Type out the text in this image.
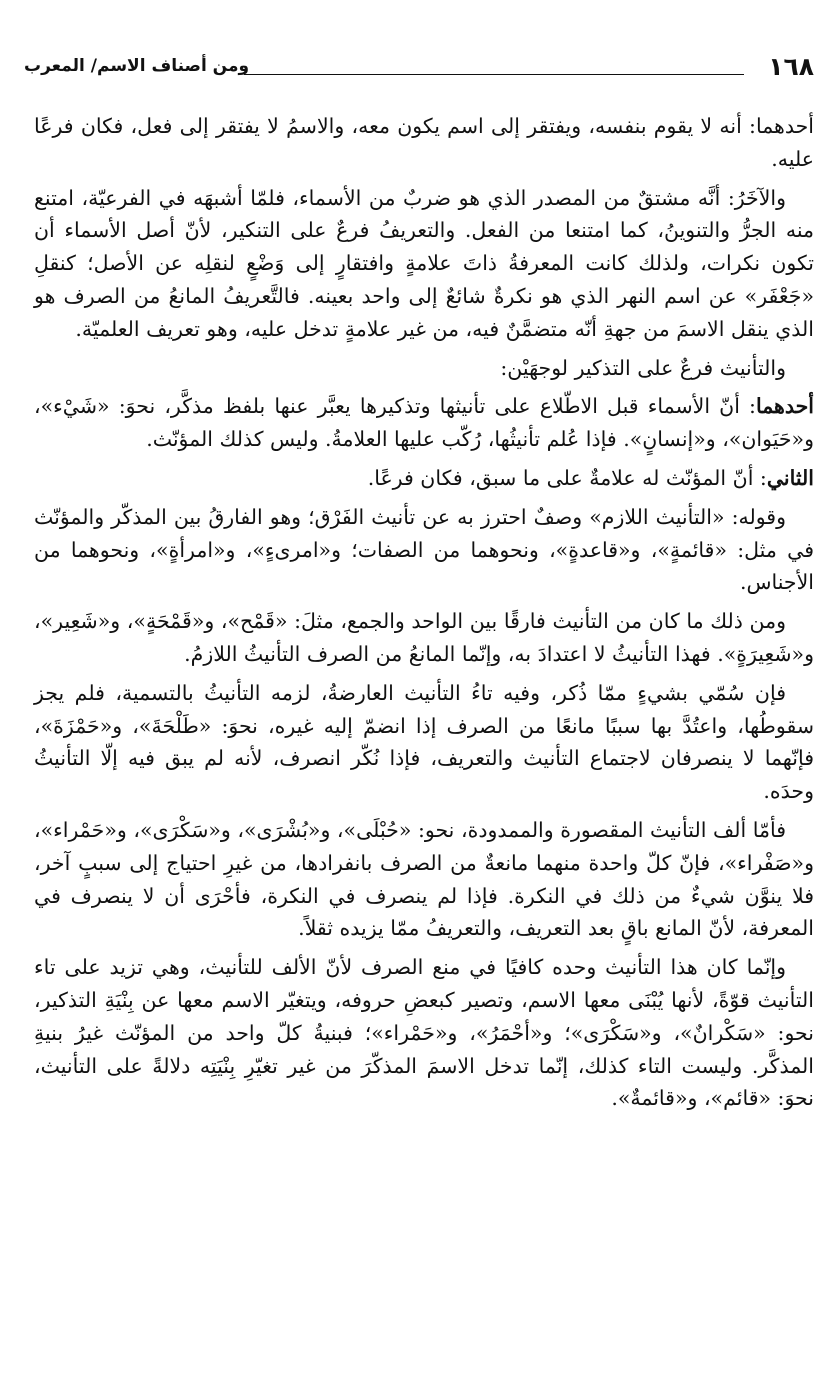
١٦٨
ومن أصناف الاسم/ المعرب

أحدهما: أنه لا يقوم بنفسه، ويفتقر إلى اسم يكون معه، والاسمُ لا يفتقر إلى فعل، فكان فرعًا عليه.

والآخَرُ: أنَّه مشتقٌ من المصدر الذي هو ضربٌ من الأسماء، فلمّا أشبهَه في الفرعيّة، امتنع منه الجرُّ والتنوينُ، كما امتنعا من الفعل. والتعريفُ فرعٌ على التنكير، لأنّ أصل الأسماء أن تكون نكرات، ولذلك كانت المعرفةُ ذاتَ علامةٍ وافتقارٍ إلى وَضْعٍ لنقلِه عن الأصل؛ كنقلِ «جَعْفَر» عن اسم النهر الذي هو نكرةٌ شائعٌ إلى واحد بعينه. فالتَّعريفُ المانعُ من الصرف هو الذي ينقل الاسمَ من جهةِ أنّه متضمَّنٌ فيه، من غير علامةٍ تدخل عليه، وهو تعريف العلميّة.

والتأنيث فرعٌ على التذكير لوجهَيْن:

أحدهما: أنّ الأسماء قبل الاطّلاع على تأنيثها وتذكيرها يعبَّر عنها بلفظ مذكَّر، نحوَ: «شَيْء»، و«حَيَوان»، و«إنسانٍ». فإذا عُلم تأنيثُها، رُكّب عليها العلامةُ. وليس كذلك المؤنّث.

الثاني: أنّ المؤنّث له علامةٌ على ما سبق، فكان فرعًا.

وقوله: «التأنيث اللازم» وصفٌ احترز به عن تأنيث الفَرْق؛ وهو الفارقُ بين المذكّر والمؤنّث في مثل: «قائمةٍ»، و«قاعدةٍ»، ونحوهما من الصفات؛ و«امرىءٍ»، و«امرأةٍ»، ونحوهما من الأجناس.

ومن ذلك ما كان من التأنيث فارقًا بين الواحد والجمع، مثلَ: «قَمْح»، و«قَمْحَةٍ»، و«شَعِير»، و«شَعِيرَةٍ». فهذا التأنيثُ لا اعتدادَ به، وإنّما المانعُ من الصرف التأنيثُ اللازمُ.

فإن سُمّي بشيءٍ ممّا ذُكر، وفيه تاءُ التأنيث العارضةُ، لزمه التأنيثُ بالتسمية، فلم يجز سقوطُها، واعتُدَّ بها سببًا مانعًا من الصرف إذا انضمّ إليه غيره، نحوَ: «طَلْحَةَ»، و«حَمْزَةَ»، فإنّهما لا ينصرفان لاجتماع التأنيث والتعريف، فإذا نُكّر انصرف، لأنه لم يبق فيه إلّا التأنيثُ وحدَه.

فأمّا ألف التأنيث المقصورة والممدودة، نحو: «حُبْلَى»، و«بُشْرَى»، و«سَكْرَى»، و«حَمْراء»، و«صَفْراء»، فإنّ كلّ واحدة منهما مانعةٌ من الصرف بانفرادها، من غيرِ احتياج إلى سببٍ آخر، فلا ينوَّن شيءٌ من ذلك في النكرة. فإذا لم ينصرف في النكرة، فأحْرَى أن لا ينصرف في المعرفة، لأنّ المانع باقٍ بعد التعريف، والتعريفُ ممّا يزيده ثقلاً.

وإنّما كان هذا التأنيث وحده كافيًا في منع الصرف لأنّ الألف للتأنيث، وهي تزيد على تاء التأنيث قوّةً، لأنها يُبْنَى معها الاسم، وتصير كبعضِ حروفه، ويتغيّر الاسم معها عن بِنْيَةِ التذكير، نحو: «سَكْرانٌ»، و«سَكْرَى»؛ و«أحْمَرُ»، و«حَمْراء»؛ فبنيةُ كلّ واحد من المؤنّث غيرُ بنيةِ المذكَّر. وليست التاء كذلك، إنّما تدخل الاسمَ المذكّرَ من غير تغيّرِ بِنْيَتِه دلالةً على التأنيث، نحوَ: «قائم»، و«قائمةٌ».
